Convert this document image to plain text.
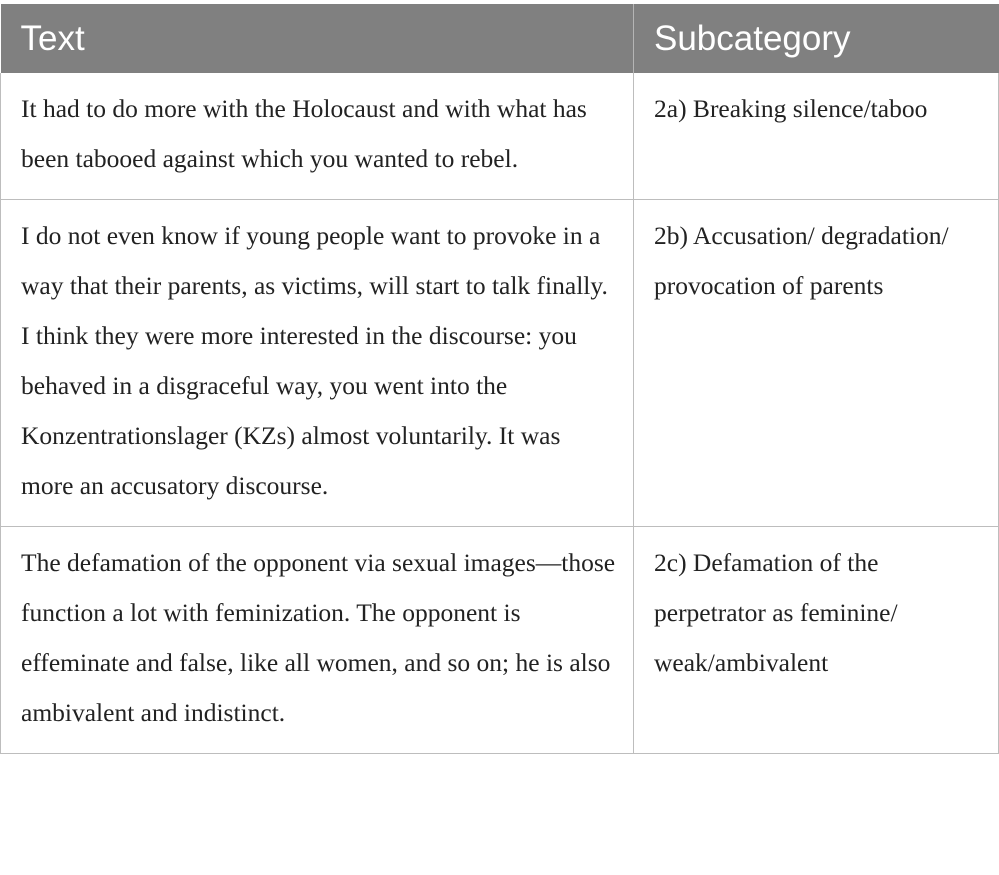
Text	Subcategory
It had to do more with the Holocaust and with what has been tabooed against which you wanted to rebel.	2a) Breaking silence/taboo
I do not even know if young people want to provoke in a way that their parents, as victims, will start to talk finally. I think they were more interested in the discourse: you behaved in a disgraceful way, you went into the Konzentrationslager (KZs) almost voluntarily. It was more an accusatory discourse.	2b) Accusation/ degradation/ provocation of parents
The defamation of the opponent via sexual images—those function a lot with feminization. The opponent is effeminate and false, like all women, and so on; he is also ambivalent and indistinct.	2c) Defamation of the perpetrator as feminine/ weak/ambivalent
